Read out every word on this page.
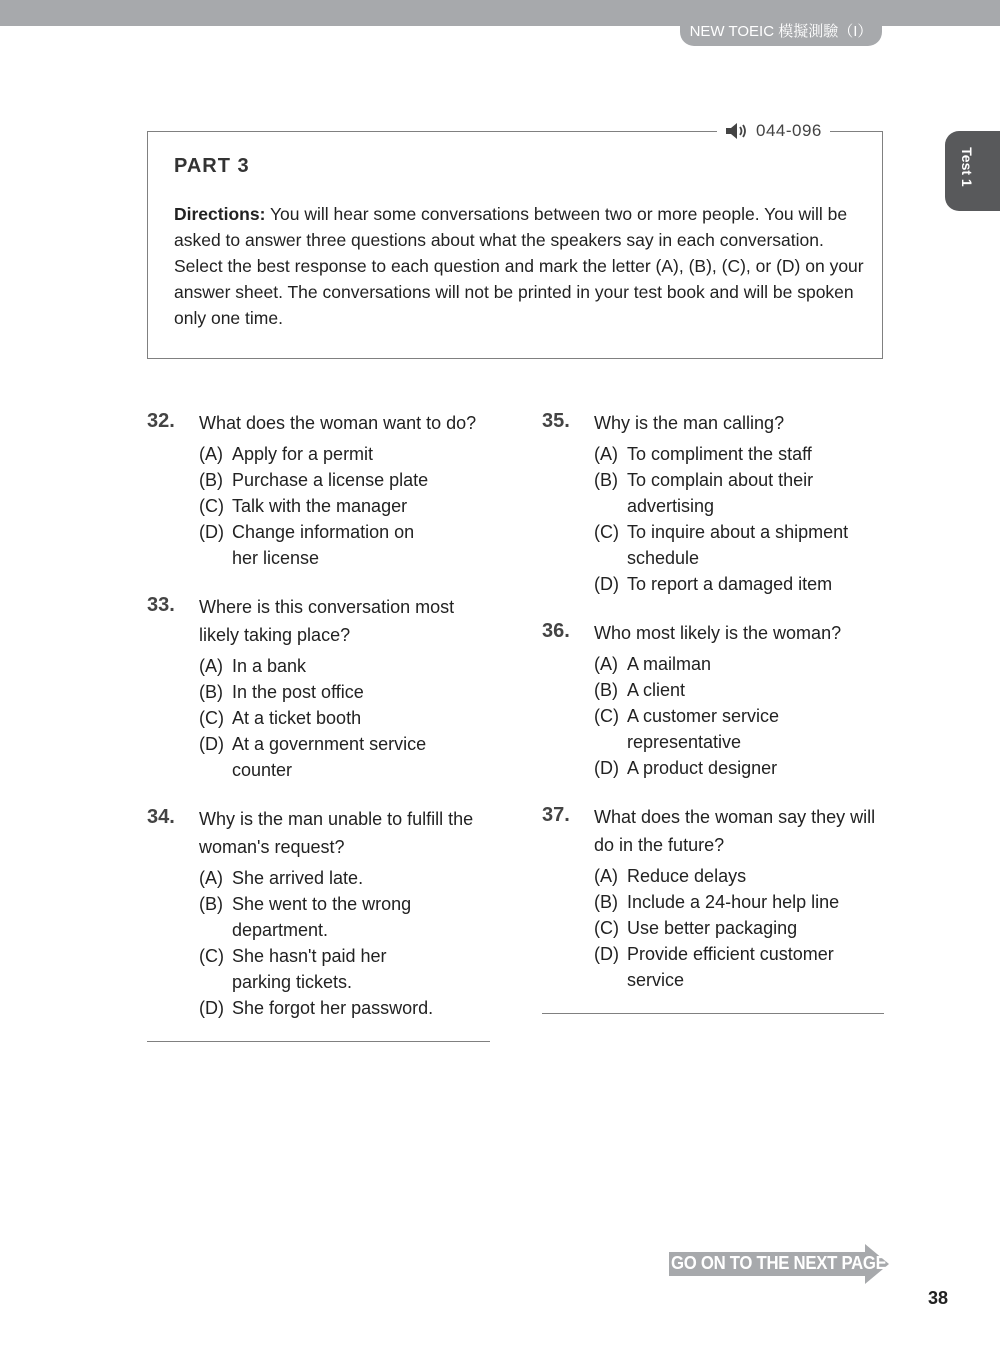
NEW TOEIC 模擬測驗（I）
Test 1
044-096
PART 3

Directions: You will hear some conversations between two or more people. You will be asked to answer three questions about what the speakers say in each conversation. Select the best response to each question and mark the letter (A), (B), (C), or (D) on your answer sheet. The conversations will not be printed in your test book and will be spoken only one time.

32. What does the woman want to do?
(A) Apply for a permit
(B) Purchase a license plate
(C) Talk with the manager
(D) Change information on her license
33. Where is this conversation most likely taking place?
(A) In a bank
(B) In the post office
(C) At a ticket booth
(D) At a government service counter
34. Why is the man unable to fulfill the woman's request?
(A) She arrived late.
(B) She went to the wrong department.
(C) She hasn't paid her parking tickets.
(D) She forgot her password.
35. Why is the man calling?
(A) To compliment the staff
(B) To complain about their advertising
(C) To inquire about a shipment schedule
(D) To report a damaged item
36. Who most likely is the woman?
(A) A mailman
(B) A client
(C) A customer service representative
(D) A product designer
37. What does the woman say they will do in the future?
(A) Reduce delays
(B) Include a 24-hour help line
(C) Use better packaging
(D) Provide efficient customer service
GO ON TO THE NEXT PAGE
38
